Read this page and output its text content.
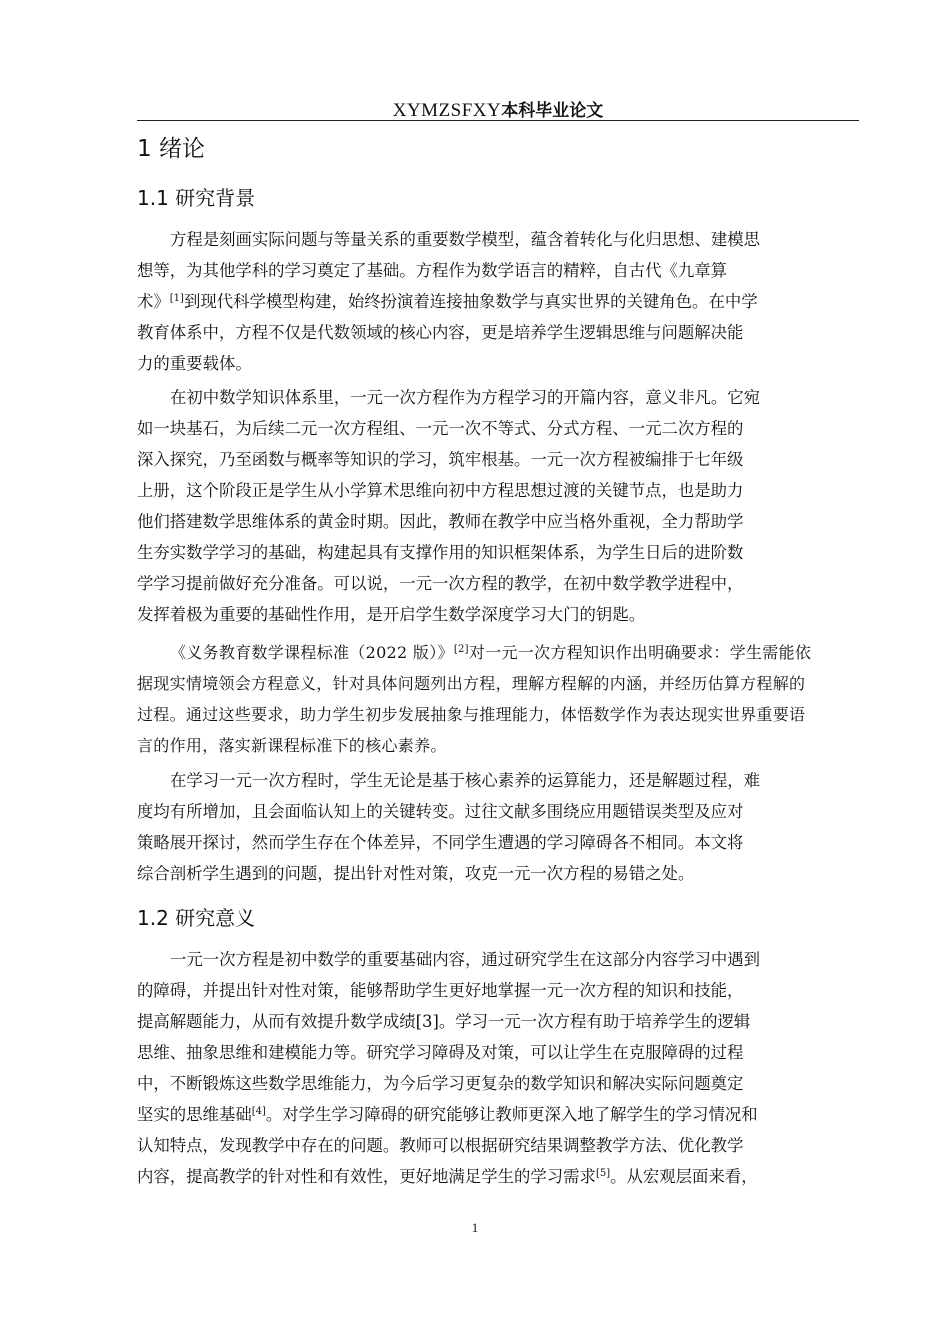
XYMZSFXY本科毕业论文
1 绪论
1.1 研究背景
方程是刻画实际问题与等量关系的重要数学模型，蕴含着转化与化归思想、建模思
想等，为其他学科的学习奠定了基础。方程作为数学语言的精粹，自古代《九章算
术》[1]到现代科学模型构建，始终扮演着连接抽象数学与真实世界的关键角色。在中学
教育体系中，方程不仅是代数领域的核心内容，更是培养学生逻辑思维与问题解决能
力的重要载体。
在初中数学知识体系里，一元一次方程作为方程学习的开篇内容，意义非凡。它宛
如一块基石，为后续二元一次方程组、一元一次不等式、分式方程、一元二次方程的
深入探究，乃至函数与概率等知识的学习，筑牢根基。一元一次方程被编排于七年级
上册，这个阶段正是学生从小学算术思维向初中方程思想过渡的关键节点，也是助力
他们搭建数学思维体系的黄金时期。因此，教师在教学中应当格外重视，全力帮助学
生夯实数学学习的基础，构建起具有支撑作用的知识框架体系，为学生日后的进阶数
学学习提前做好充分准备。可以说，一元一次方程的教学，在初中数学教学进程中，
发挥着极为重要的基础性作用，是开启学生数学深度学习大门的钥匙。
《义务教育数学课程标准（2022 版）》[2]对一元一次方程知识作出明确要求：学生需能依
据现实情境领会方程意义，针对具体问题列出方程，理解方程解的内涵，并经历估算方程解的
过程。通过这些要求，助力学生初步发展抽象与推理能力，体悟数学作为表达现实世界重要语
言的作用，落实新课程标准下的核心素养。
在学习一元一次方程时，学生无论是基于核心素养的运算能力，还是解题过程，难
度均有所增加，且会面临认知上的关键转变。过往文献多围绕应用题错误类型及应对
策略展开探讨，然而学生存在个体差异，不同学生遭遇的学习障碍各不相同。本文将
综合剖析学生遇到的问题，提出针对性对策，攻克一元一次方程的易错之处。
1.2 研究意义
一元一次方程是初中数学的重要基础内容，通过研究学生在这部分内容学习中遇到
的障碍，并提出针对性对策，能够帮助学生更好地掌握一元一次方程的知识和技能，
提高解题能力，从而有效提升数学成绩[3]。学习一元一次方程有助于培养学生的逻辑
思维、抽象思维和建模能力等。研究学习障碍及对策，可以让学生在克服障碍的过程
中，不断锻炼这些数学思维能力，为今后学习更复杂的数学知识和解决实际问题奠定
坚实的思维基础[4]。对学生学习障碍的研究能够让教师更深入地了解学生的学习情况和
认知特点，发现教学中存在的问题。教师可以根据研究结果调整教学方法、优化教学
内容，提高教学的针对性和有效性，更好地满足学生的学习需求[5]。从宏观层面来看，
1
